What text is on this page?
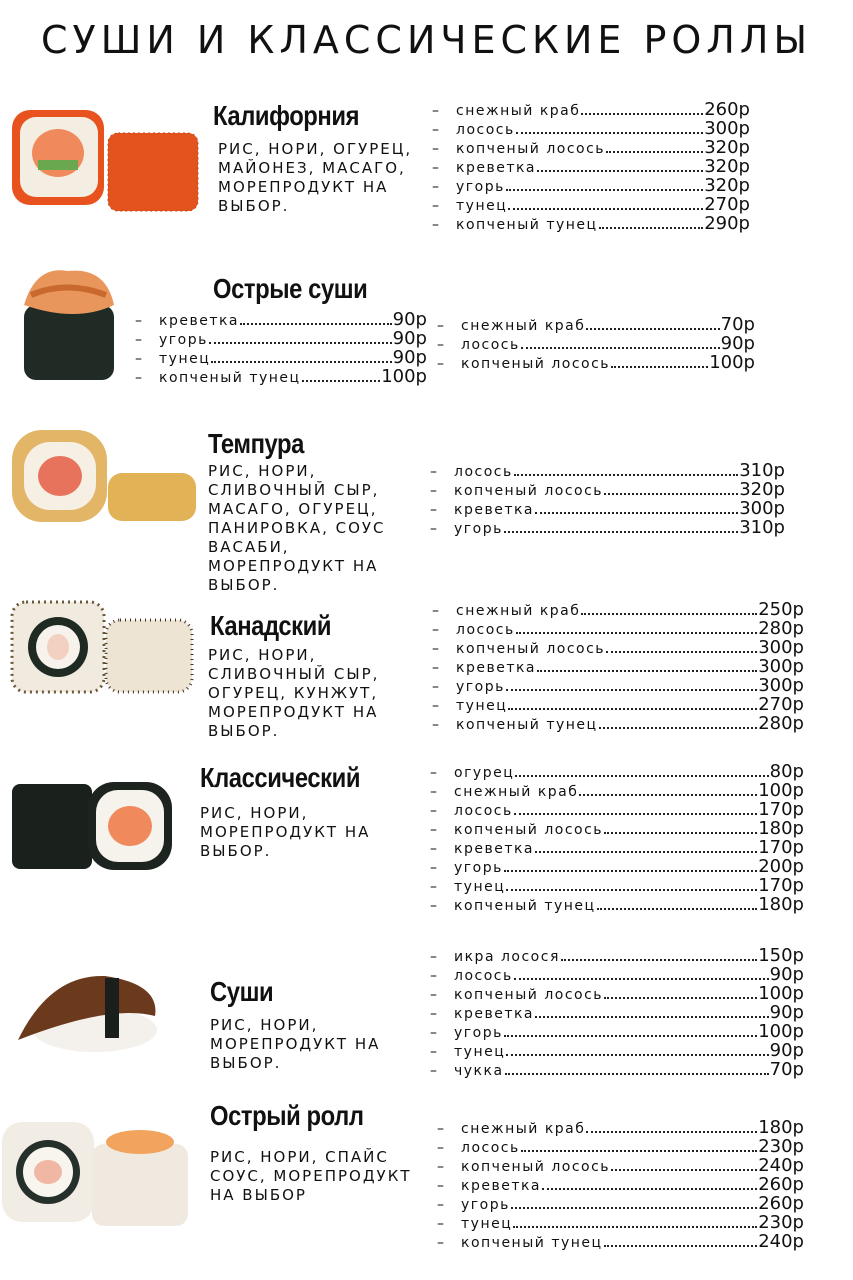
СУШИ И КЛАССИЧЕСКИЕ РОЛЛЫ
Калифорния
РИС, НОРИ, ОГУРЕЦ, МАЙОНЕЗ, МАСАГО, МОРЕПРОДУКТ НА ВЫБОР.
–	снежный краб	260р
–	лосось	300р
–	копченый лосось	320р
–	креветка	320р
–	угорь	320р
–	тунец	270р
–	копченый тунец	290р
Острые суши
–	креветка	90р
–	угорь	90р
–	тунец	90р
–	копченый тунец	100р
–	снежный краб	70р
–	лосось	90р
–	копченый лосось	100р
Темпура
РИС, НОРИ, СЛИВОЧНЫЙ СЫР, МАСАГО, ОГУРЕЦ, ПАНИРОВКА, СОУС ВАСАБИ, МОРЕПРОДУКТ НА ВЫБОР.
–	лосось	310р
–	копченый лосось	320р
–	креветка	300р
–	угорь	310р
Канадский
РИС, НОРИ, СЛИВОЧНЫЙ СЫР, ОГУРЕЦ, КУНЖУТ, МОРЕПРОДУКТ НА ВЫБОР.
–	снежный краб	250р
–	лосось	280р
–	копченый лосось	300р
–	креветка	300р
–	угорь	300р
–	тунец	270р
–	копченый тунец	280р
Классический
РИС, НОРИ, МОРЕПРОДУКТ НА ВЫБОР.
–	огурец	80р
–	снежный краб	100р
–	лосось	170р
–	копченый лосось	180р
–	креветка	170р
–	угорь	200р
–	тунец	170р
–	копченый тунец	180р
Суши
РИС, НОРИ, МОРЕПРОДУКТ НА ВЫБОР.
–	икра лосося	150р
–	лосось	90р
–	копченый лосось	100р
–	креветка	90р
–	угорь	100р
–	тунец	90р
–	чукка	70р
Острый ролл
РИС, НОРИ, СПАЙС СОУС, МОРЕПРОДУКТ НА ВЫБОР
–	снежный краб	180р
–	лосось	230р
–	копченый лосось	240р
–	креветка	260р
–	угорь	260р
–	тунец	230р
–	копченый тунец	240р
